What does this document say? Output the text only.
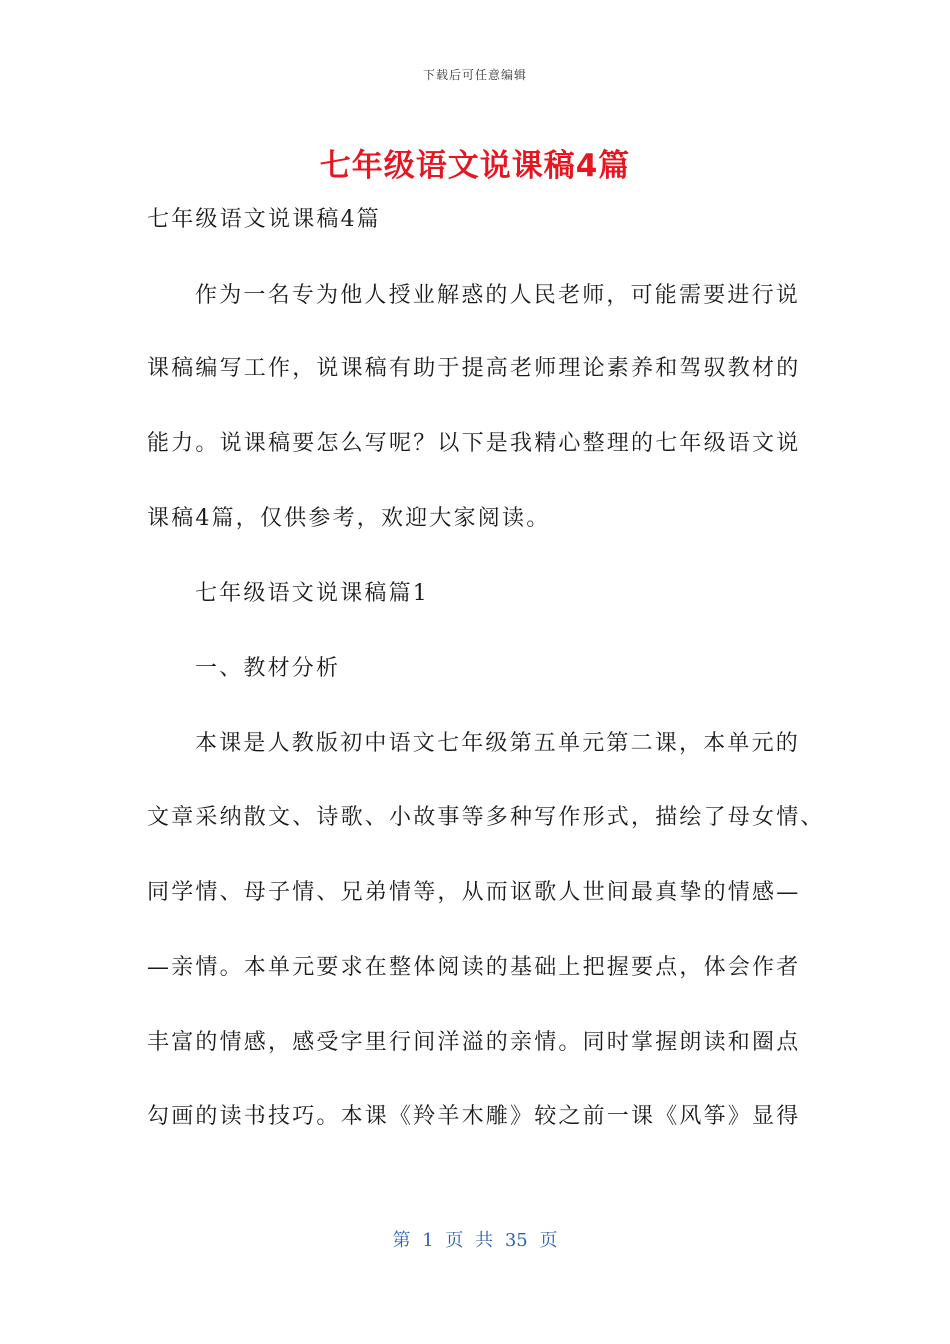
下载后可任意编辑
七年级语文说课稿4篇
七年级语文说课稿4篇
作为一名专为他人授业解惑的人民老师，可能需要进行说
课稿编写工作，说课稿有助于提高老师理论素养和驾驭教材的
能力。说课稿要怎么写呢？以下是我精心整理的七年级语文说
课稿4篇，仅供参考，欢迎大家阅读。
七年级语文说课稿篇1
一、教材分析
本课是人教版初中语文七年级第五单元第二课，本单元的
文章采纳散文、诗歌、小故事等多种写作形式，描绘了母女情、
同学情、母子情、兄弟情等，从而讴歌人世间最真挚的情感—
—亲情。本单元要求在整体阅读的基础上把握要点，体会作者
丰富的情感，感受字里行间洋溢的亲情。同时掌握朗读和圈点
勾画的读书技巧。本课《羚羊木雕》较之前一课《风筝》显得
第 1 页 共 35 页
